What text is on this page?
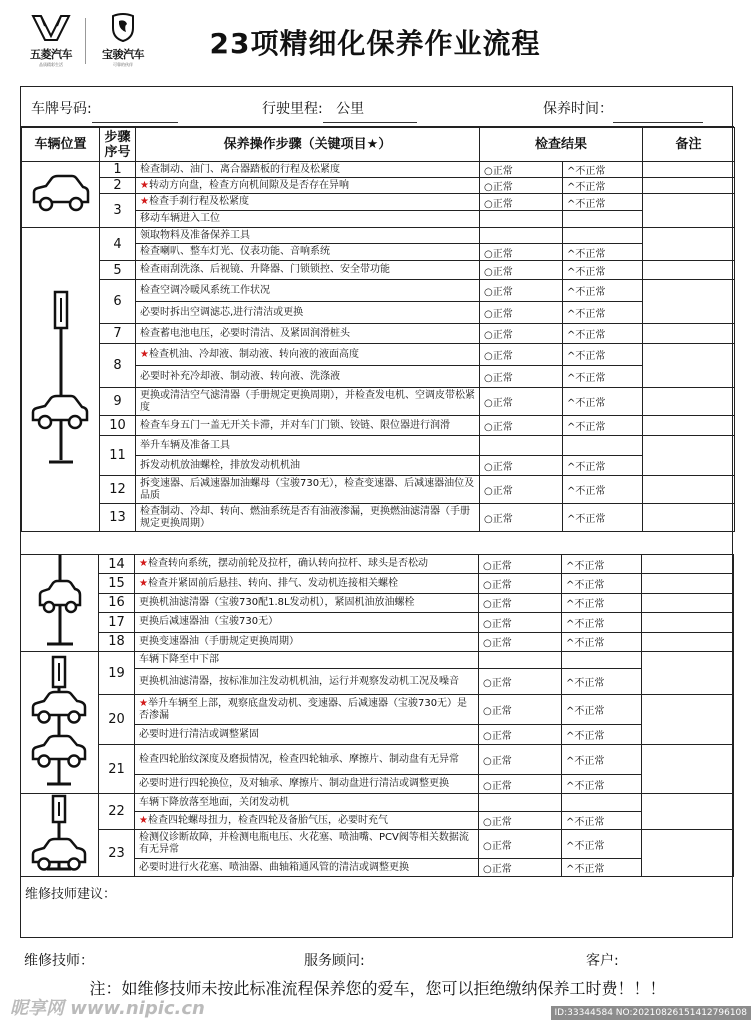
五菱汽车
品质精彩生活
宝骏汽车
可靠的伙伴
23项精细化保养作业流程
车牌号码:	行驶里程: 公里	保养时间：
车辆位置	步骤
序号	保养操作步骤（关键项目★）	检查结果		备注
	1	检查制动、油门、离合器踏板的行程及松紧度	○正常	^不正常	
	2	★转动方向盘，检查方向机间隙及是否存在异响	○正常	^不正常	
	3	★检查手刹行程及松紧度	○正常	^不正常	
		移动车辆进入工位			
	4	领取物料及准备保养工具			
		检查喇叭、整车灯光、仪表功能、音响系统	○正常	^不正常	
	5	检查雨刮洗涤、后视镜、升降器、门锁锁控、安全带功能	○正常	^不正常	
	6	检查空调冷暖风系统工作状况	○正常	^不正常	
		必要时拆出空调滤芯,进行清洁或更换	○正常	^不正常	
	7	检查蓄电池电压，必要时清洁、及紧固润滑桩头	○正常	^不正常	
	8	★检查机油、冷却液、制动液、转向液的液面高度	○正常	^不正常	
		必要时补充冷却液、制动液、转向液、洗涤液	○正常	^不正常	
	9	更换或清洁空气滤清器（手册规定更换周期），并检查发电机、空调皮带松紧度	○正常	^不正常	
	10	检查车身五门一盖无开关卡滞，并对车门门锁、铰链、限位器进行润滑	○正常	^不正常	
	11	举升车辆及准备工具			
		拆发动机放油螺栓，排放发动机机油	○正常	^不正常	
	12	拆变速器、后减速器加油螺母（宝骏730无），检查变速器、后减速器油位及品质	○正常	^不正常	
	13	检查制动、冷却、转向、燃油系统是否有油液渗漏，更换燃油滤清器（手册规定更换周期）	○正常	^不正常	
	14	★检查转向系统，摆动前轮及拉杆，确认转向拉杆、球头是否松动	○正常	^不正常	
	15	★检查并紧固前后悬挂、转向、排气、发动机连接相关螺栓	○正常	^不正常	
	16	更换机油滤清器（宝骏730配1.8L发动机），紧固机油放油螺栓	○正常	^不正常	
	17	更换后减速器油（宝骏730无）	○正常	^不正常	
	18	更换变速器油（手册规定更换周期）	○正常	^不正常	
	19	车辆下降至中下部			
		更换机油滤清器，按标准加注发动机机油，运行并观察发动机工况及噪音	○正常	^不正常	
	20	★举升车辆至上部，观察底盘发动机、变速器、后减速器（宝骏730无）是否渗漏	○正常	^不正常	
		必要时进行清洁或调整紧固	○正常	^不正常	
	21	检查四轮胎纹深度及磨损情况，检查四轮轴承、摩擦片、制动盘有无异常	○正常	^不正常	
		必要时进行四轮换位，及对轴承、摩擦片、制动盘进行清洁或调整更换	○正常	^不正常	
	22	车辆下降放落至地面，关闭发动机			
		★检查四轮螺母扭力，检查四轮及备胎气压，必要时充气	○正常	^不正常	
	23	检测仪诊断故障，并检测电瓶电压、火花塞、喷油嘴、PCV阀等相关数据流有无异常	○正常	^不正常	
		必要时进行火花塞、喷油器、曲轴箱通风管的清洁或调整更换	○正常	^不正常	
维修技师建议：
维修技师：	服务顾问:	客户:
注：如维修技师未按此标准流程保养您的爱车，您可以拒绝缴纳保养工时费！！！
昵享网 www.nipic.cn	ID:33344584 NO:20210826151412796108
